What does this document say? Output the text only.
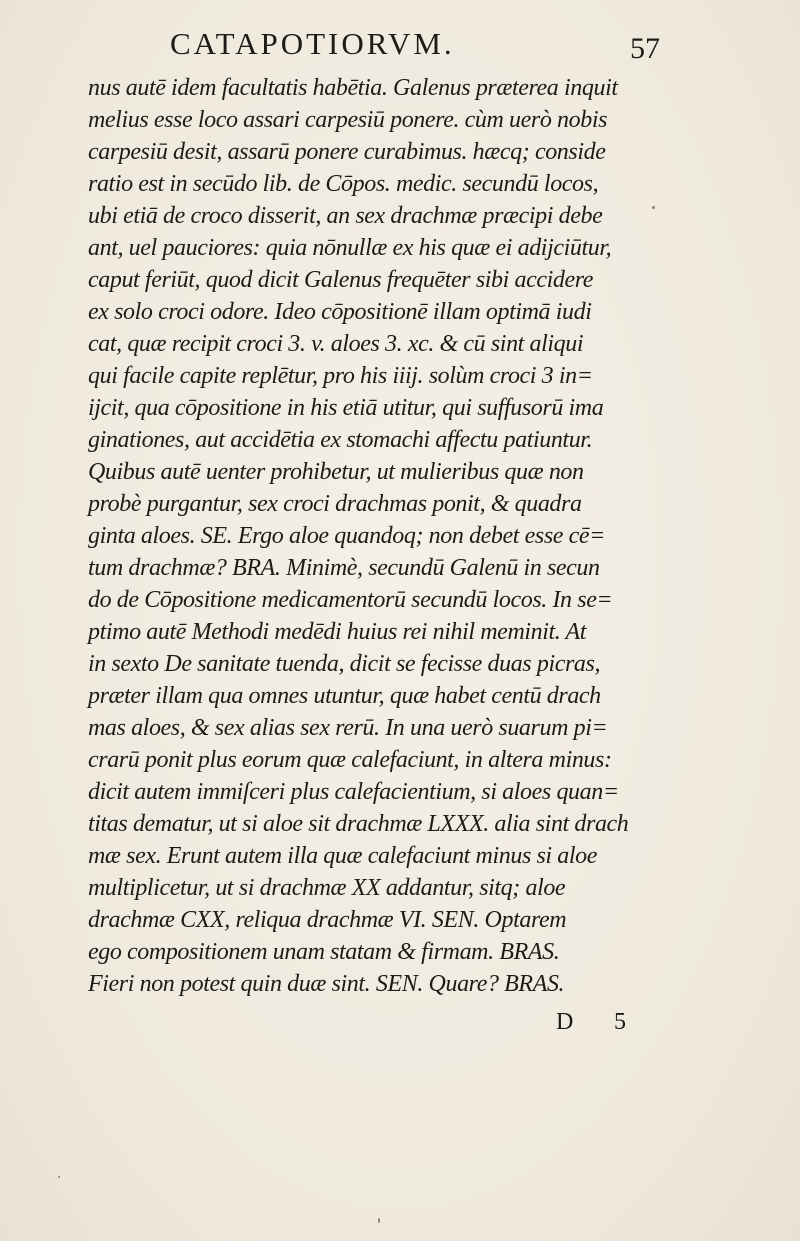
CATAPOTIORVM.	57
nus autē idem facultatis habētia. Galenus præterea inquit
melius esse loco assari carpesiū ponere. cùm uerò nobis
carpesiū desit, assarū ponere curabimus. hæcq; conside
ratio est in secūdo lib. de Cōpos. medic. secundū locos,
ubi etiā de croco disserit, an sex drachmæ præcipi debe
ant, uel pauciores: quia nōnullæ ex his quæ ei adijciūtur,
caput feriūt, quod dicit Galenus frequēter sibi accidere
ex solo croci odore. Ideo cōpositionē illam optimā iudi
cat, quæ recipit croci 3. v. aloes 3. xc. & cū sint aliqui
qui facile capite replētur, pro his iiij. solùm croci 3 in=
ijcit, qua cōpositione in his etiā utitur, qui suffusorū ima
ginationes, aut accidētia ex stomachi affectu patiuntur.
Quibus autē uenter prohibetur, ut mulieribus quæ non
probè purgantur, sex croci drachmas ponit, & quadra
ginta aloes. SE. Ergo aloe quandoq; non debet esse cē=
tum drachmæ? BRA. Minimè, secundū Galenū in secun
do de Cōpositione medicamentorū secundū locos. In se=
ptimo autē Methodi medēdi huius rei nihil meminit. At
in sexto De sanitate tuenda, dicit se fecisse duas picras,
præter illam qua omnes utuntur, quæ habet centū drach
mas aloes, & sex alias sex rerū. In una uerò suarum pi=
crarū ponit plus eorum quæ calefaciunt, in altera minus:
dicit autem immiſceri plus calefacientium, si aloes quan=
titas dematur, ut si aloe sit drachmæ LXXX. alia sint drach
mæ sex. Erunt autem illa quæ calefaciunt minus si aloe
multiplicetur, ut si drachmæ XX addantur, sitq; aloe
drachmæ CXX, reliqua drachmæ VI. SEN. Optarem
ego compositionem unam statam & firmam. BRAS.
Fieri non potest quin duæ sint. SEN. Quare? BRAS.
D 5
